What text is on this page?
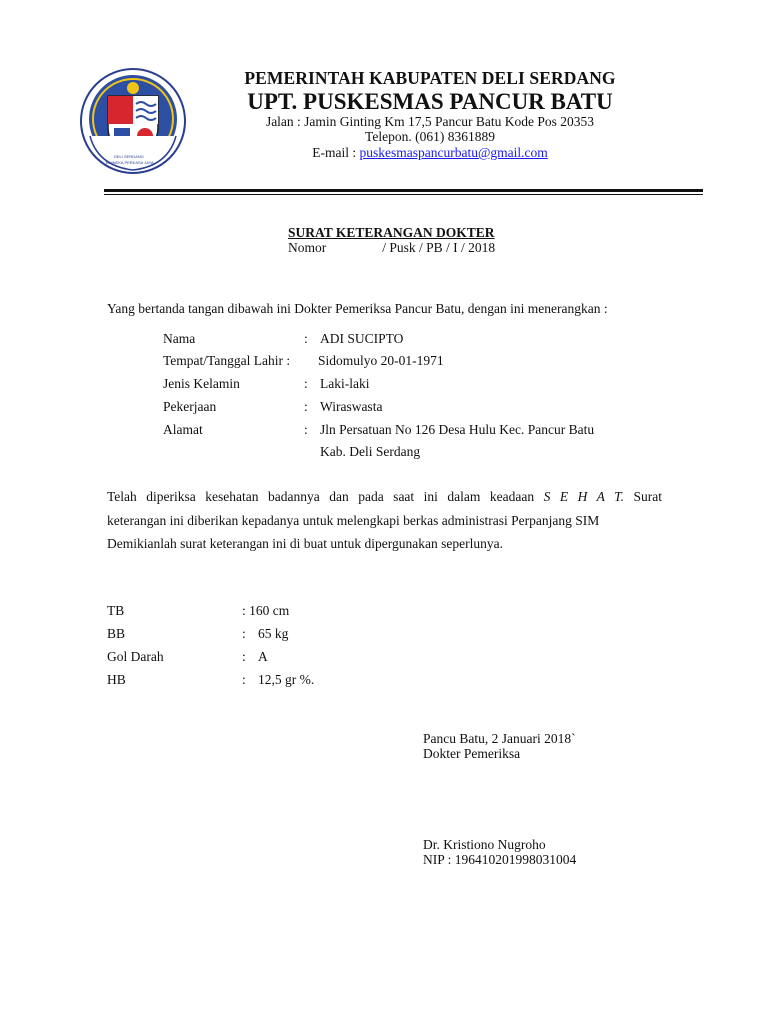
DELI SERDANG
BHINEKA PERKASA JAYA
PEMERINTAH KABUPATEN DELI SERDANG
UPT. PUSKESMAS PANCUR BATU
Jalan : Jamin Ginting Km 17,5 Pancur Batu Kode Pos 20353
Telepon. (061) 8361889
E-mail : puskesmaspancurbatu@gmail.com
SURAT KETERANGAN DOKTER
Nomor	/ Pusk / PB / I / 2018
Yang bertanda tangan dibawah ini Dokter Pemeriksa Pancur Batu, dengan ini menerangkan :
Nama	: ADI SUCIPTO
Tempat/Tanggal Lahir : Sidomulyo 20-01-1971
Jenis Kelamin	: Laki-laki
Pekerjaan	: Wiraswasta
Alamat	: Jln Persatuan No 126 Desa Hulu Kec. Pancur Batu
Kab. Deli Serdang
Telah diperiksa kesehatan badannya dan pada saat ini dalam keadaan S E H A T. Surat
keterangan ini diberikan kepadanya untuk melengkapi berkas administrasi Perpanjang SIM
Demikianlah surat keterangan ini di buat untuk dipergunakan seperlunya.
TB	: 160 cm
BB	: 65 kg
Gol Darah	: A
HB	: 12,5 gr %.
Pancu Batu, 2 Januari 2018`
Dokter Pemeriksa
Dr. Kristiono Nugroho
NIP : 196410201998031004
